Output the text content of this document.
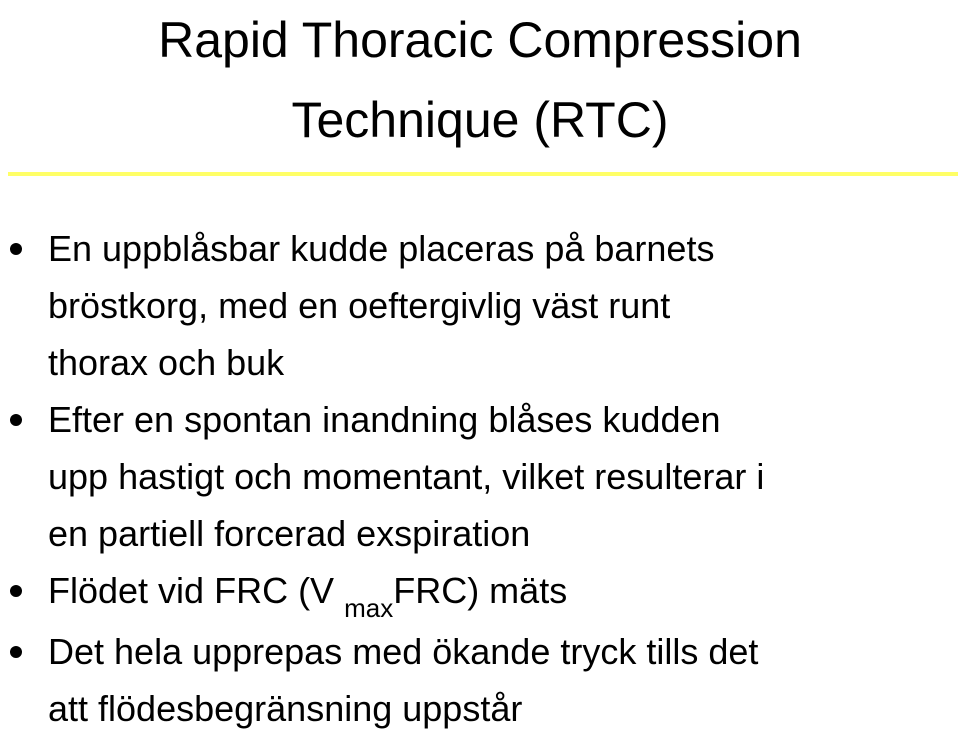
Rapid Thoracic Compression
Technique (RTC)
En uppblåsbar kudde placeras på barnets
bröstkorg, med en oeftergivlig väst runt
thorax och buk
Efter en spontan inandning blåses kudden
upp hastigt och momentant, vilket resulterar i
en partiell forcerad exspiration
Flödet vid FRC (V $_{max}$FRC) mäts
Det hela upprepas med ökande tryck tills det
att flödesbegränsning uppstår
